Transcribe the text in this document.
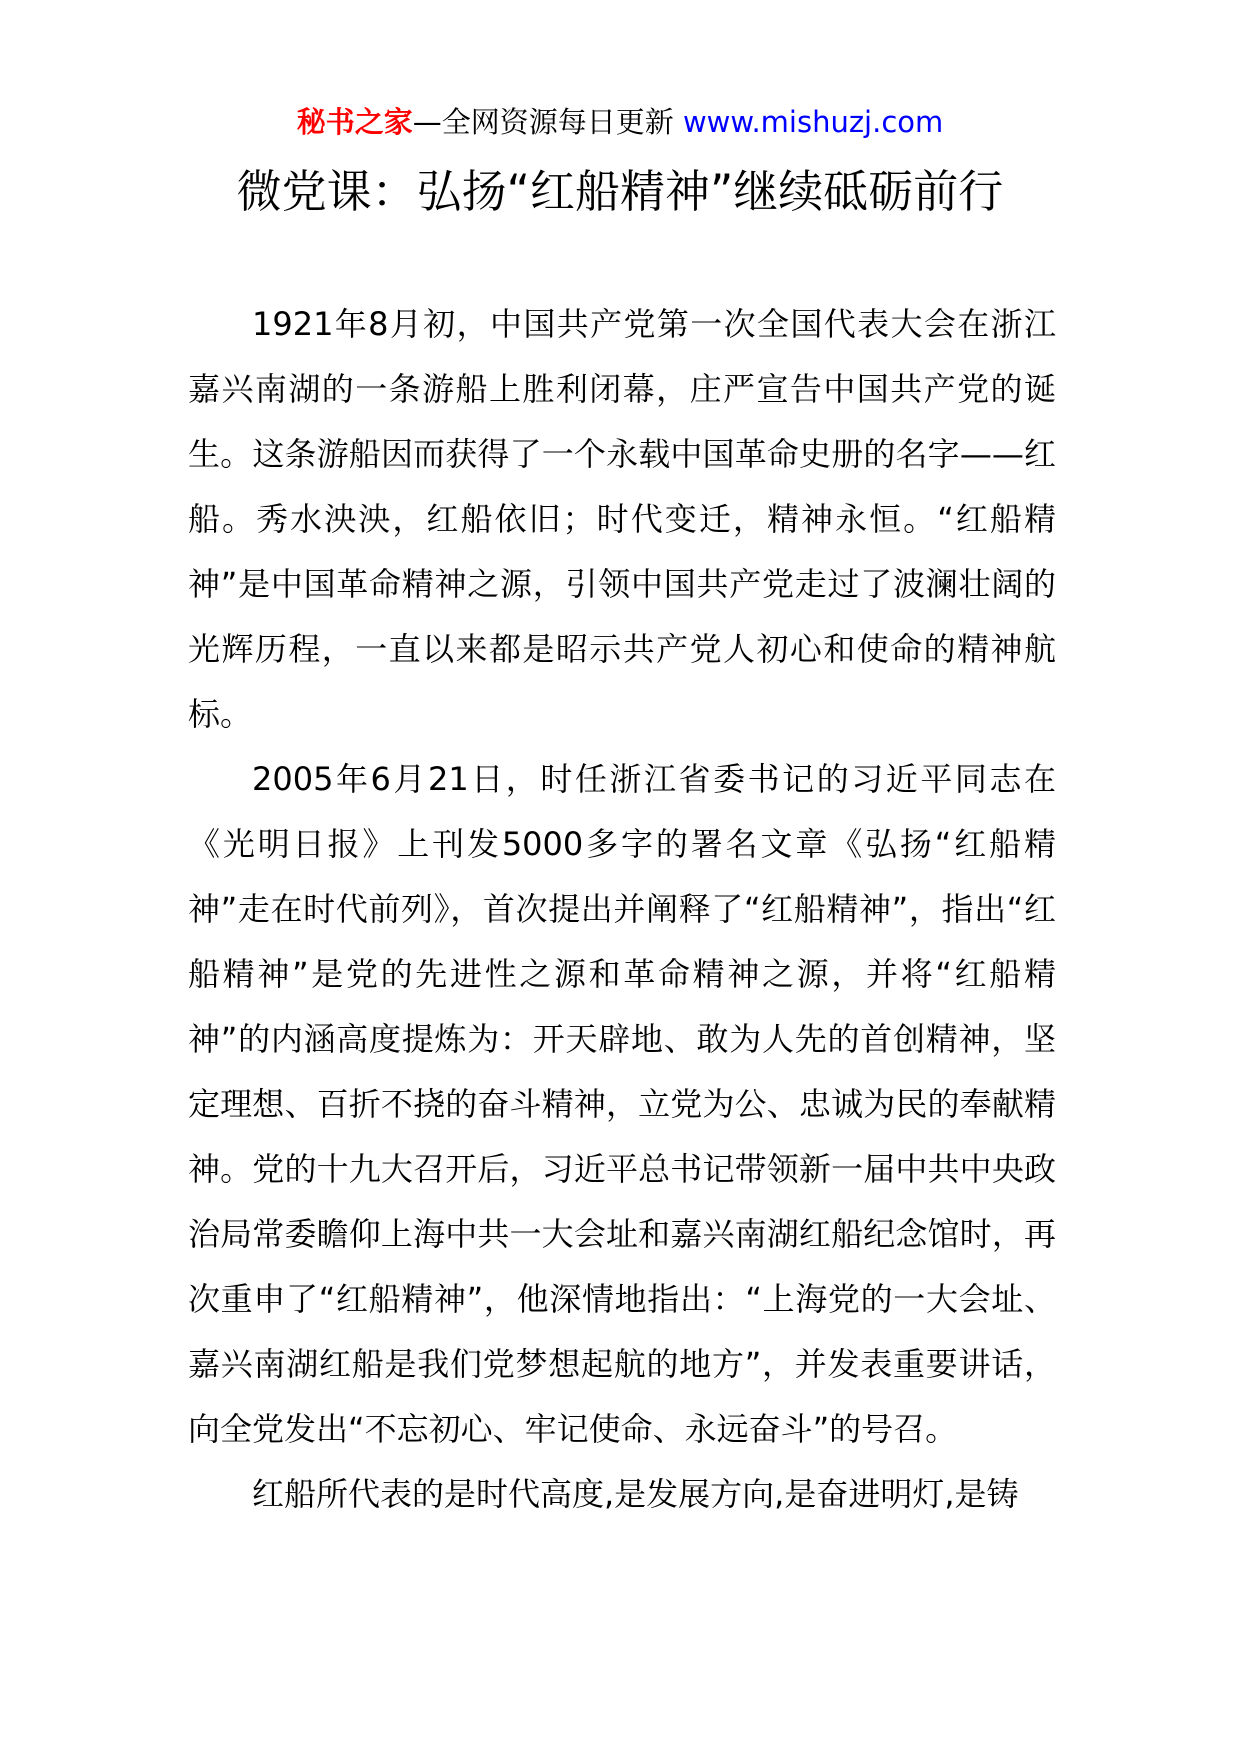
秘书之家—全网资源每日更新 www.mishuzj.com
微党课：弘扬“红船精神”继续砥砺前行

1921年8月初，中国共产党第一次全国代表大会在浙江嘉兴南湖的一条游船上胜利闭幕，庄严宣告中国共产党的诞生。这条游船因而获得了一个永载中国革命史册的名字——红船。秀水泱泱，红船依旧；时代变迁，精神永恒。“红船精神”是中国革命精神之源，引领中国共产党走过了波澜壮阔的光辉历程，一直以来都是昭示共产党人初心和使命的精神航标。

2005年6月21日，时任浙江省委书记的习近平同志在《光明日报》上刊发5000多字的署名文章《弘扬“红船精神”走在时代前列》，首次提出并阐释了“红船精神”，指出“红船精神”是党的先进性之源和革命精神之源，并将“红船精神”的内涵高度提炼为：开天辟地、敢为人先的首创精神，坚定理想、百折不挠的奋斗精神，立党为公、忠诚为民的奉献精神。党的十九大召开后，习近平总书记带领新一届中共中央政治局常委瞻仰上海中共一大会址和嘉兴南湖红船纪念馆时，再次重申了“红船精神”，他深情地指出：“上海党的一大会址、嘉兴南湖红船是我们党梦想起航的地方”，并发表重要讲话，向全党发出“不忘初心、牢记使命、永远奋斗”的号召。

红船所代表的是时代高度,是发展方向,是奋进明灯,是铸
